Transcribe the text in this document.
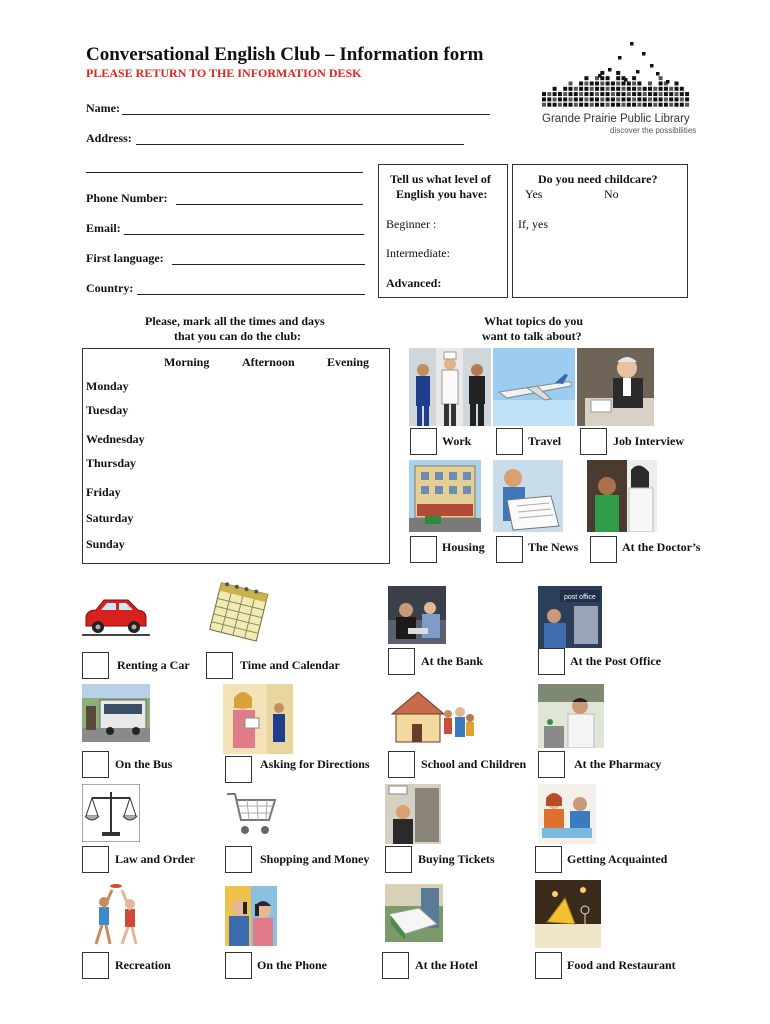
Conversational English Club – Information form
PLEASE RETURN TO THE INFORMATION DESK
Grande Prairie Public Library
discover the possibilities
Name:
Address:
Phone Number:
Email:
First language:
Country:
Tell us what level of
English you have:
Beginner :
Intermediate:
Advanced:
Do you need childcare?
Yes	No
If, yes
Please, mark all the times and days
that you can do the club:
Morning	Afternoon	Evening
Monday
Tuesday
Wednesday
Thursday
Friday
Saturday
Sunday
What topics do you
want to talk about?
post office
Work	Travel	Job Interview
Housing	The News	At the Doctor’s
Renting a Car	Time and Calendar	At the Bank	At the Post Office
On the Bus	Asking for Directions	School and Children	At the Pharmacy
Law and Order	Shopping and Money	Buying Tickets	Getting Acquainted
Recreation	On the Phone	At the Hotel	Food and Restaurant
